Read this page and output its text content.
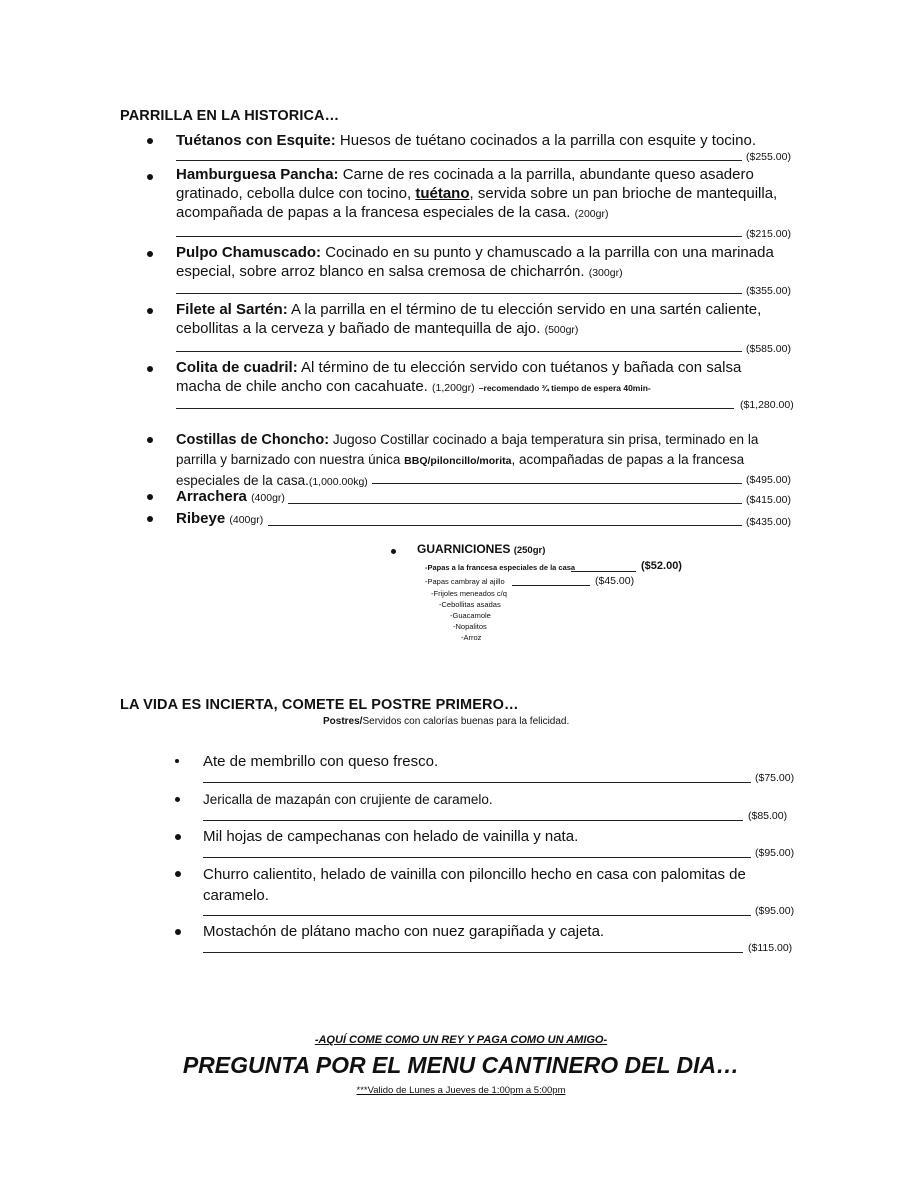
PARRILLA EN LA HISTORICA…
Tuétanos con Esquite: Huesos de tuétano cocinados a la parrilla con esquite y tocino.
($255.00)
Hamburguesa Pancha: Carne de res cocinada a la parrilla, abundante queso asadero gratinado, cebolla dulce con tocino, tuétano, servida sobre un pan brioche de mantequilla, acompañada de papas a la francesa especiales de la casa. (200gr)
($215.00)
Pulpo Chamuscado: Cocinado en su punto y chamuscado a la parrilla con una marinada especial, sobre arroz blanco en salsa cremosa de chicharrón. (300gr)
($355.00)
Filete al Sartén: A la parrilla en el término de tu elección servido en una sartén caliente, cebollitas a la cerveza y bañado de mantequilla de ajo. (500gr)
($585.00)
Colita de cuadril: Al término de tu elección servido con tuétanos y bañada con salsa macha de chile ancho con cacahuate. (1,200gr) –recomendado ¾ tiempo de espera 40min-
($1,280.00)
Costillas de Choncho: Jugoso Costillar cocinado a baja temperatura sin prisa, terminado en la parrilla y barnizado con nuestra única BBQ/piloncillo/morita, acompañadas de papas a la francesa especiales de la casa.(1,000.00kg)	($495.00)
Arrachera (400gr)	($415.00)
Ribeye (400gr)	($435.00)
GUARNICIONES (250gr)
-Papas a la francesa especiales de la casa	($52.00)
-Papas cambray al ajillo	($45.00)
-Frijoles meneados c/q
-Cebollitas asadas
-Guacamole
-Nopalitos
-Arroz
LA VIDA ES INCIERTA, COMETE EL POSTRE PRIMERO…
Postres/Servidos con calorías buenas para la felicidad.
Ate de membrillo con queso fresco.
($75.00)
Jericalla de mazapán con crujiente de caramelo.
($85.00)
Mil hojas de campechanas con helado de vainilla y nata.
($95.00)
Churro calientito, helado de vainilla con piloncillo hecho en casa con palomitas de caramelo.
($95.00)
Mostachón de plátano macho con nuez garapiñada y cajeta.
($115.00)
-AQUÍ COME COMO UN REY Y PAGA COMO UN AMIGO-
PREGUNTA POR EL MENU CANTINERO DEL DIA…
***Valido de Lunes a Jueves de 1:00pm a 5:00pm
